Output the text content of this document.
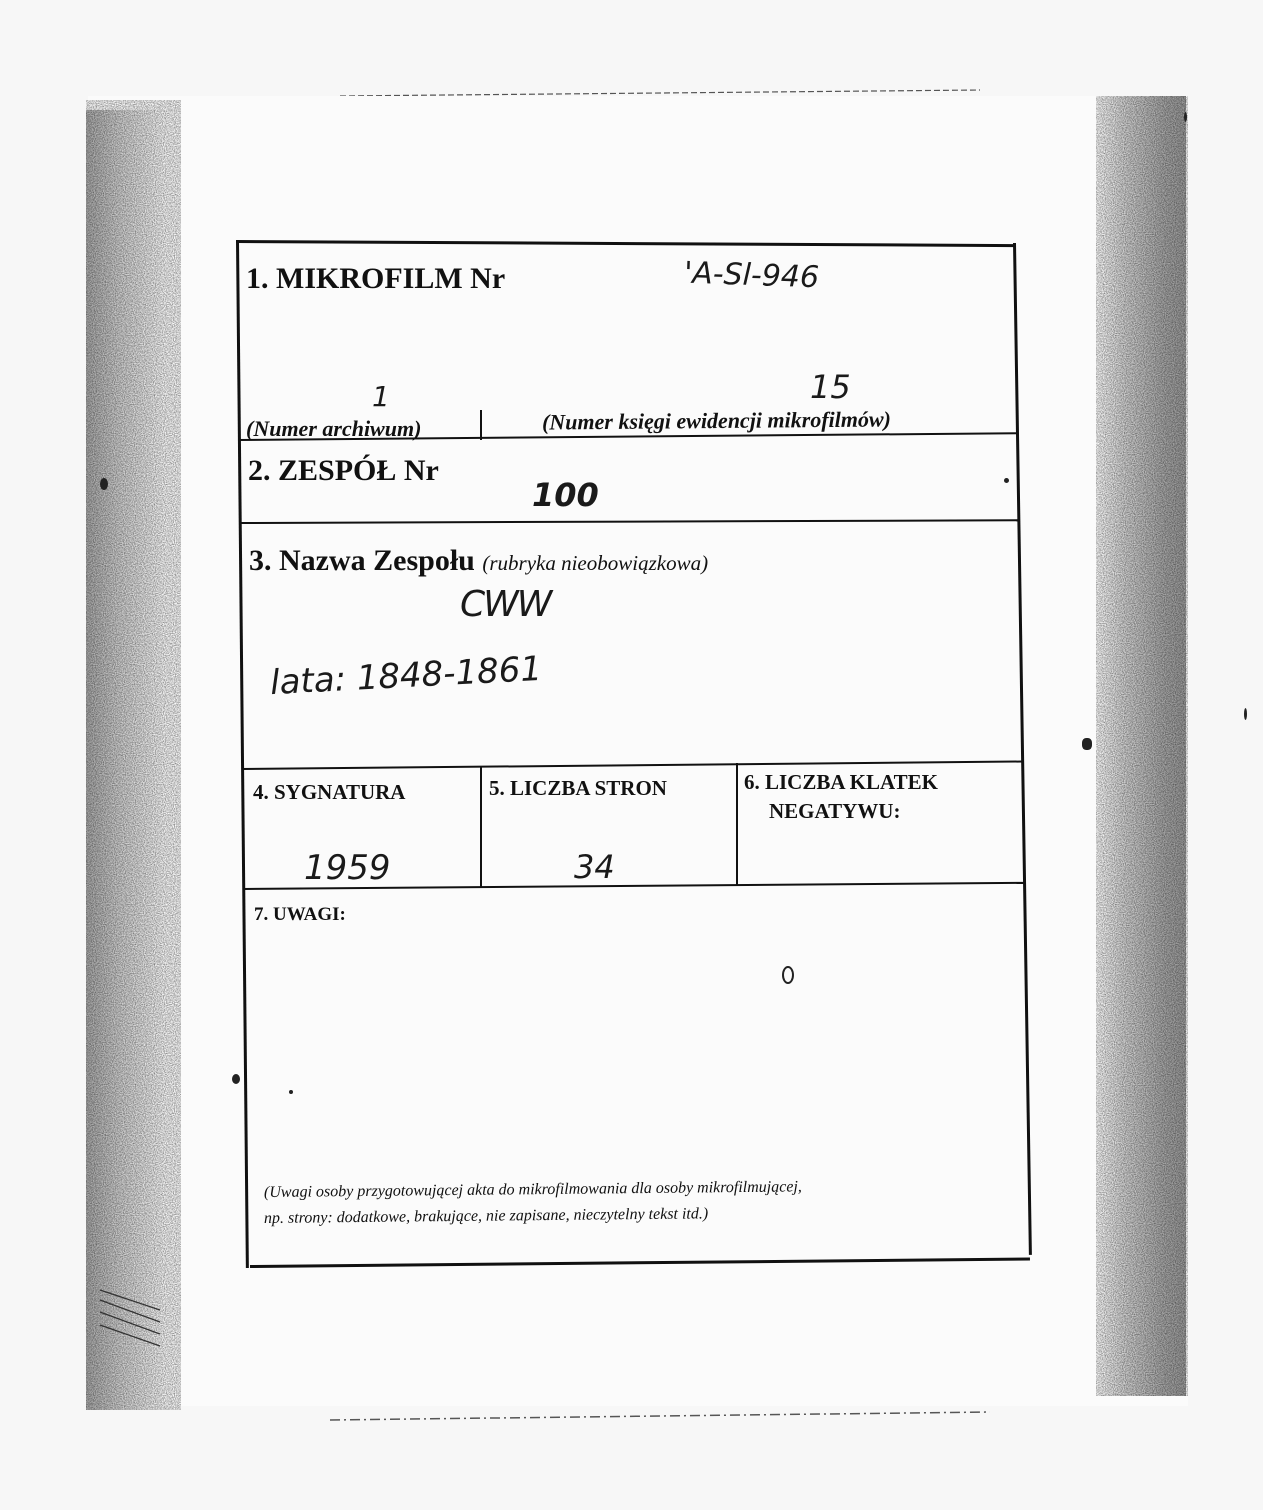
1. MIKROFILM Nr	'A-Sl-946
1
(Numer archiwum)
15
(Numer księgi ewidencji mikrofilmów)
2. ZESPÓŁ Nr
100
3. Nazwa Zespołu (rubryka nieobowiązkowa)
CWW
lata: 1848-1861
4. SYGNATURA
1959
5. LICZBA STRON
34
6. LICZBA KLATEK
NEGATYWU:
7. UWAGI:
(Uwagi osoby przygotowującej akta do mikrofilmowania dla osoby mikrofilmującej,
np. strony: dodatkowe, brakujące, nie zapisane, nieczytelny tekst itd.)
